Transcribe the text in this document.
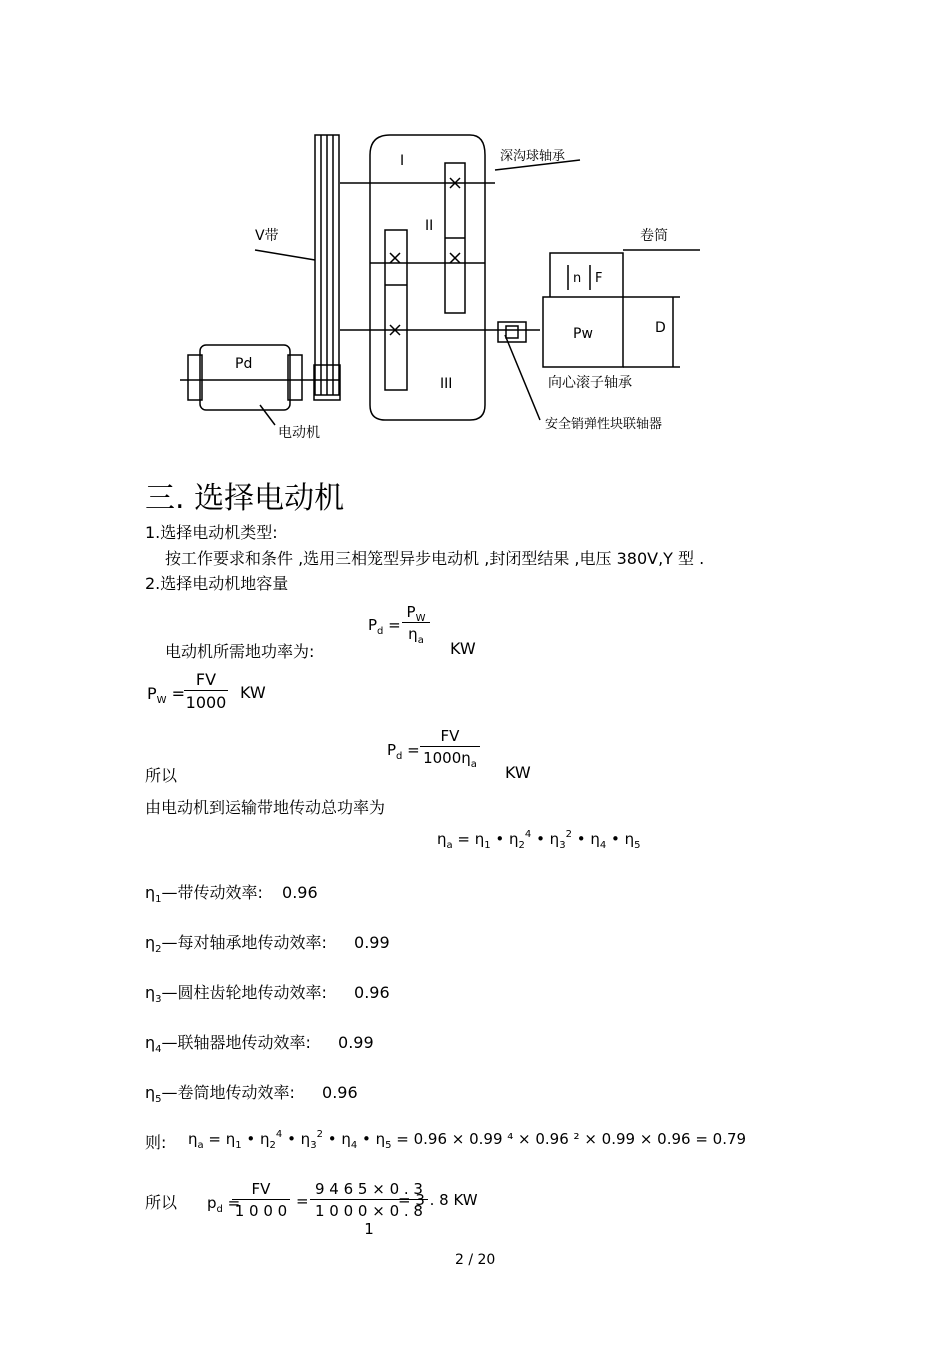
I
II
III
深沟球轴承
V带	卷筒
n F
Pw	D
Pd
向心滚子轴承
电动机
安全销弹性块联轴器
三. 选择电动机
1.选择电动机类型:
按工作要求和条件 ,选用三相笼型异步电动机 ,封闭型结果 ,电压 380V,Y 型 .
2.选择电动机地容量
$P_d = \frac{P_W}{\eta_a}$
电动机所需地功率为:	KW
$P_W$ =
$\frac{FV}{1000}$ KW
$P_d = \frac{FV}{1000\eta_a}$
所以	KW
由电动机到运输带地传动总功率为
$\eta_a = \eta_1$ • $\eta_2^4$ • $\eta_3^2$ • $\eta_4$ • $\eta_5$
$\eta_1—$带传动效率: 0.96
$\eta_2—$每对轴承地传动效率: 0.99
$\eta_3—$圆柱齿轮地传动效率: 0.96
$\eta_4—$联轴器地传动效率: 0.99
$\eta_5—$卷筒地传动效率: 0.96
则: $\eta_a = \eta_1$ • $\eta_2^4$ • $\eta_3^2$ • $\eta_4$ • $\eta_5 = 0.96 \times 0.99$ ⁴ × 0.96 ² × 0.99 × 0.96 = 0.79
所以 $p_d$ =
$\frac{FV}{1 0 0 0} = \frac{9 4 6 5 \times 0 . 3}{1 0 0 0 \times 0 . 8 1}$
= 3 . 8 KW
2 / 20
